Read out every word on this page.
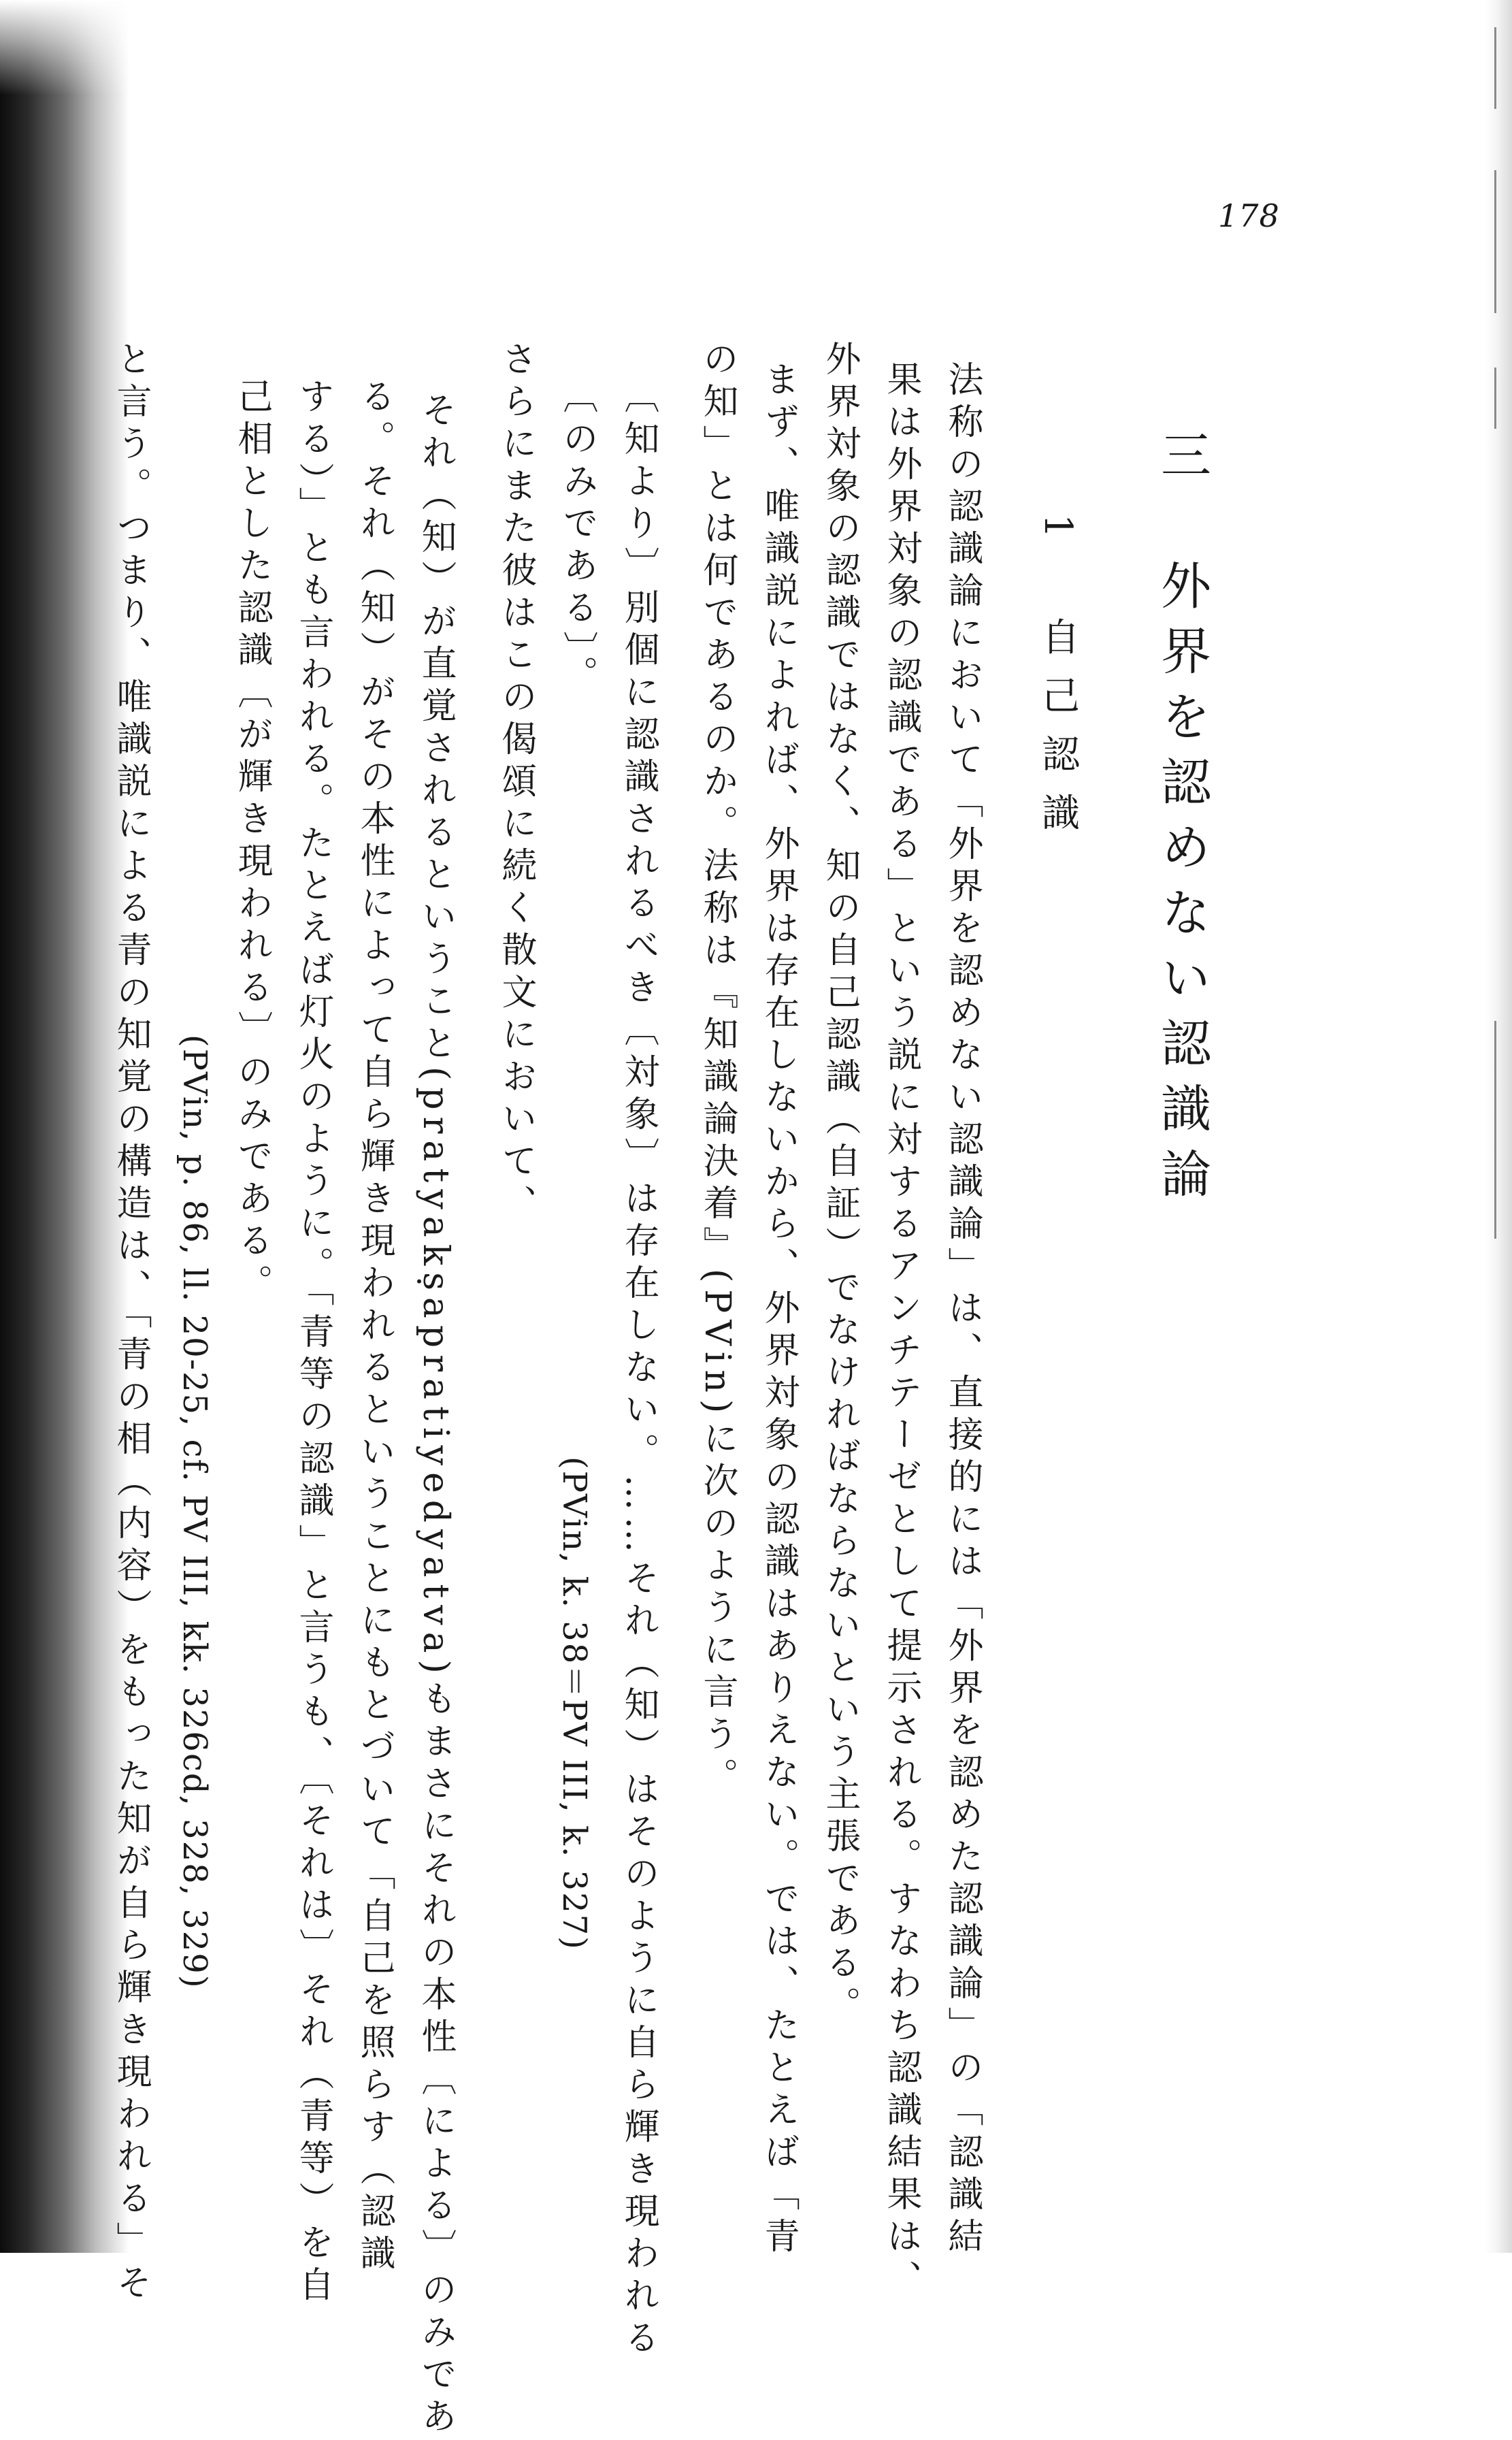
178
三　外界を認めない認識論
1　自己認識
法称の認識論において「外界を認めない認識論」は、直接的には「外界を認めた認識論」の「認識結
果は外界対象の認識である」という説に対するアンチテーゼとして提示される。すなわち認識結果は、
外界対象の認識ではなく、知の自己認識（自証）でなければならないという主張である。
まず、唯識説によれば、外界は存在しないから、外界対象の認識はありえない。では、たとえば「青
の知」とは何であるのか。法称は『知識論決着』(PVin)に次のように言う。
〔知より〕別個に認識されるべき〔対象〕は存在しない。……それ（知）はそのように自ら輝き現われる
〔のみである〕。
(PVin, k. 38＝PV III, k. 327)
さらにまた彼はこの偈頌に続く散文において、
それ（知）が直覚されるということ(pratyakṣapratiyedyatva)もまさにそれの本性〔による〕のみであ
る。それ（知）がその本性によって自ら輝き現われるということにもとづいて「自己を照らす（認識
する）」とも言われる。たとえば灯火のように。「青等の認識」と言うも、〔それは〕それ（青等）を自
己相とした認識〔が輝き現われる〕のみである。
(PVin, p. 86, ll. 20-25, cf. PV III, kk. 326cd, 328, 329)
と言う。つまり、唯識説による青の知覚の構造は、「青の相（内容）をもった知が自ら輝き現われる」そ
